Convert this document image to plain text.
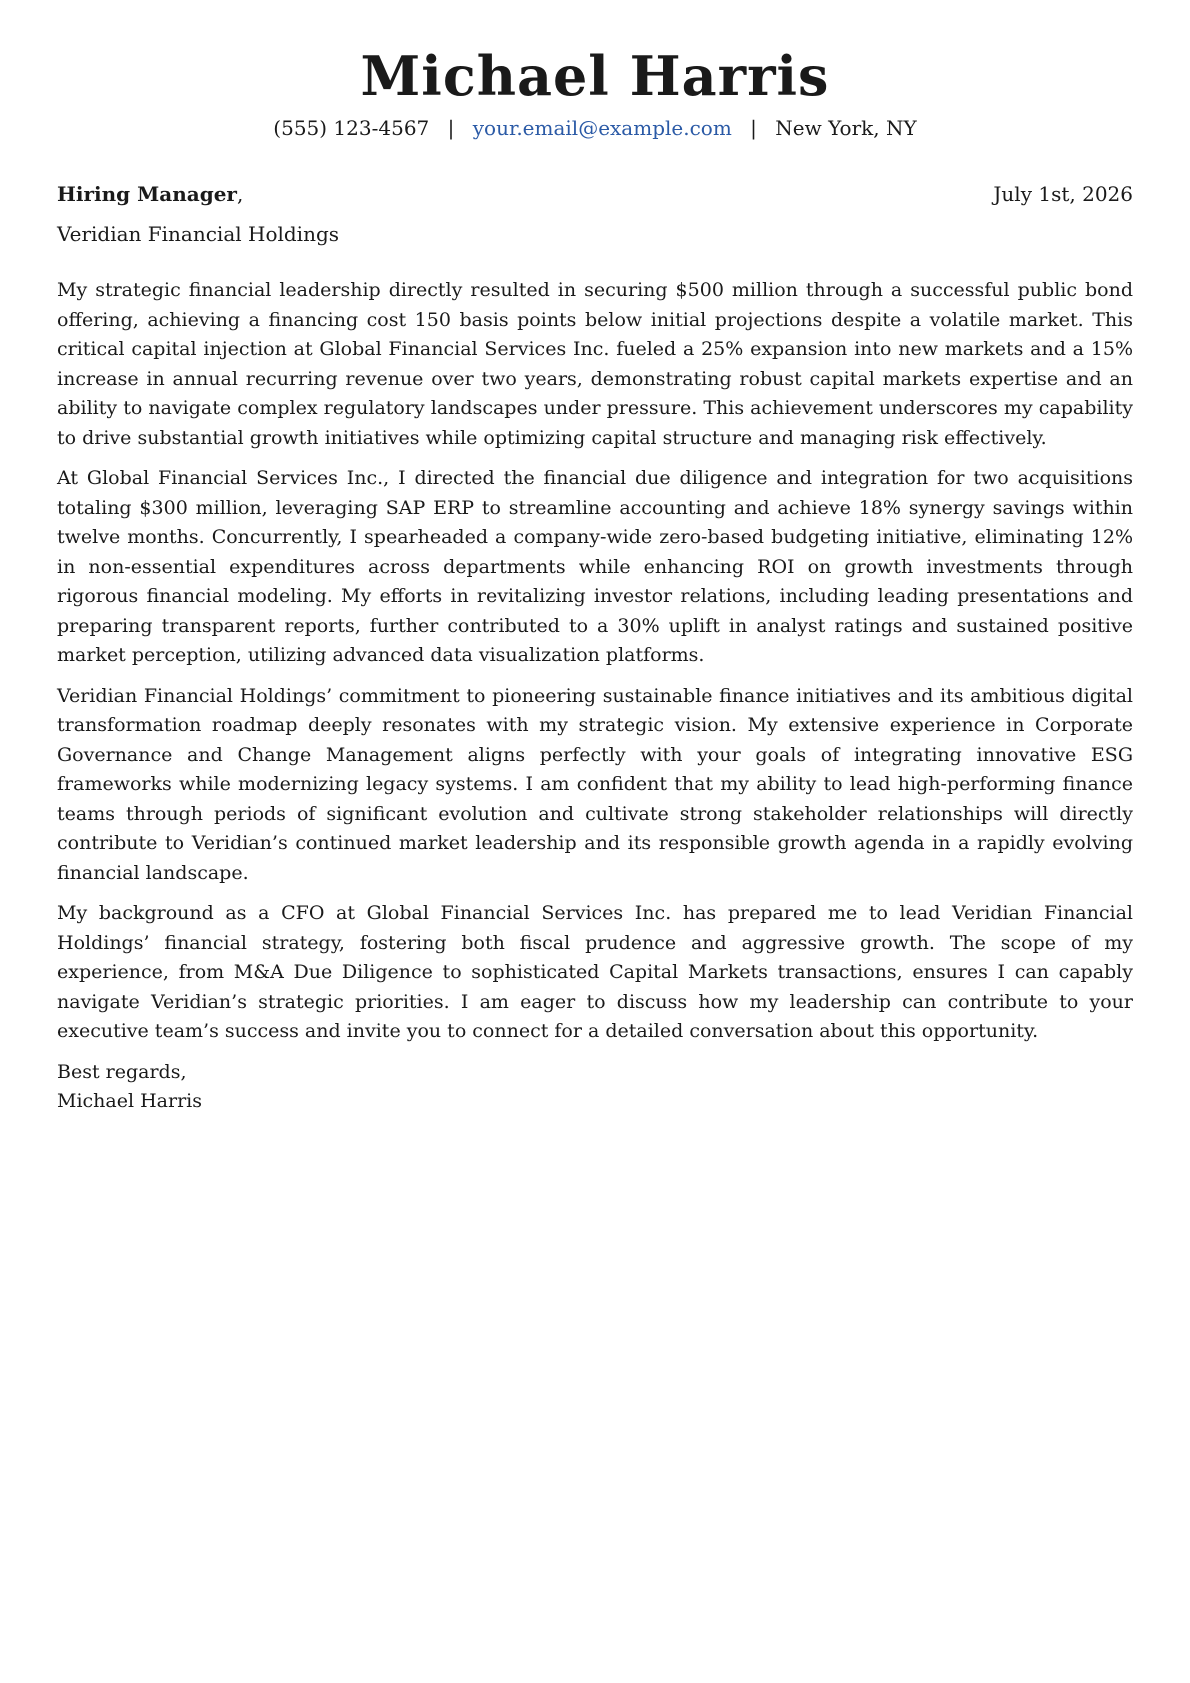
Michael Harris
(555) 123-4567 | your.email@example.com | New York, NY
Hiring Manager,	July 1st, 2026
Veridian Financial Holdings

My strategic financial leadership directly resulted in securing $500 million through a successful public bond offering, achieving a financing cost 150 basis points below initial projections despite a volatile market. This critical capital injection at Global Financial Services Inc. fueled a 25% expansion into new markets and a 15% increase in annual recurring revenue over two years, demonstrating robust capital markets expertise and an ability to navigate complex regulatory landscapes under pressure. This achievement underscores my capability to drive substantial growth initiatives while optimizing capital structure and managing risk effectively.

At Global Financial Services Inc., I directed the financial due diligence and integration for two acquisitions totaling $300 million, leveraging SAP ERP to streamline accounting and achieve 18% synergy savings within twelve months. Concurrently, I spearheaded a company-wide zero-based budgeting initiative, eliminating 12% in non-essential expenditures across departments while enhancing ROI on growth investments through rigorous financial modeling. My efforts in revitalizing investor relations, including leading presentations and preparing transparent reports, further contributed to a 30% uplift in analyst ratings and sustained positive market perception, utilizing advanced data visualization platforms.

Veridian Financial Holdings’ commitment to pioneering sustainable finance initiatives and its ambitious digital transformation roadmap deeply resonates with my strategic vision. My extensive experience in Corporate Governance and Change Management aligns perfectly with your goals of integrating innovative ESG frameworks while modernizing legacy systems. I am confident that my ability to lead high-performing finance teams through periods of significant evolution and cultivate strong stakeholder relationships will directly contribute to Veridian’s continued market leadership and its responsible growth agenda in a rapidly evolving financial landscape.

My background as a CFO at Global Financial Services Inc. has prepared me to lead Veridian Financial Holdings’ financial strategy, fostering both fiscal prudence and aggressive growth. The scope of my experience, from M&A Due Diligence to sophisticated Capital Markets transactions, ensures I can capably navigate Veridian’s strategic priorities. I am eager to discuss how my leadership can contribute to your executive team’s success and invite you to connect for a detailed conversation about this opportunity.

Best regards,
Michael Harris
